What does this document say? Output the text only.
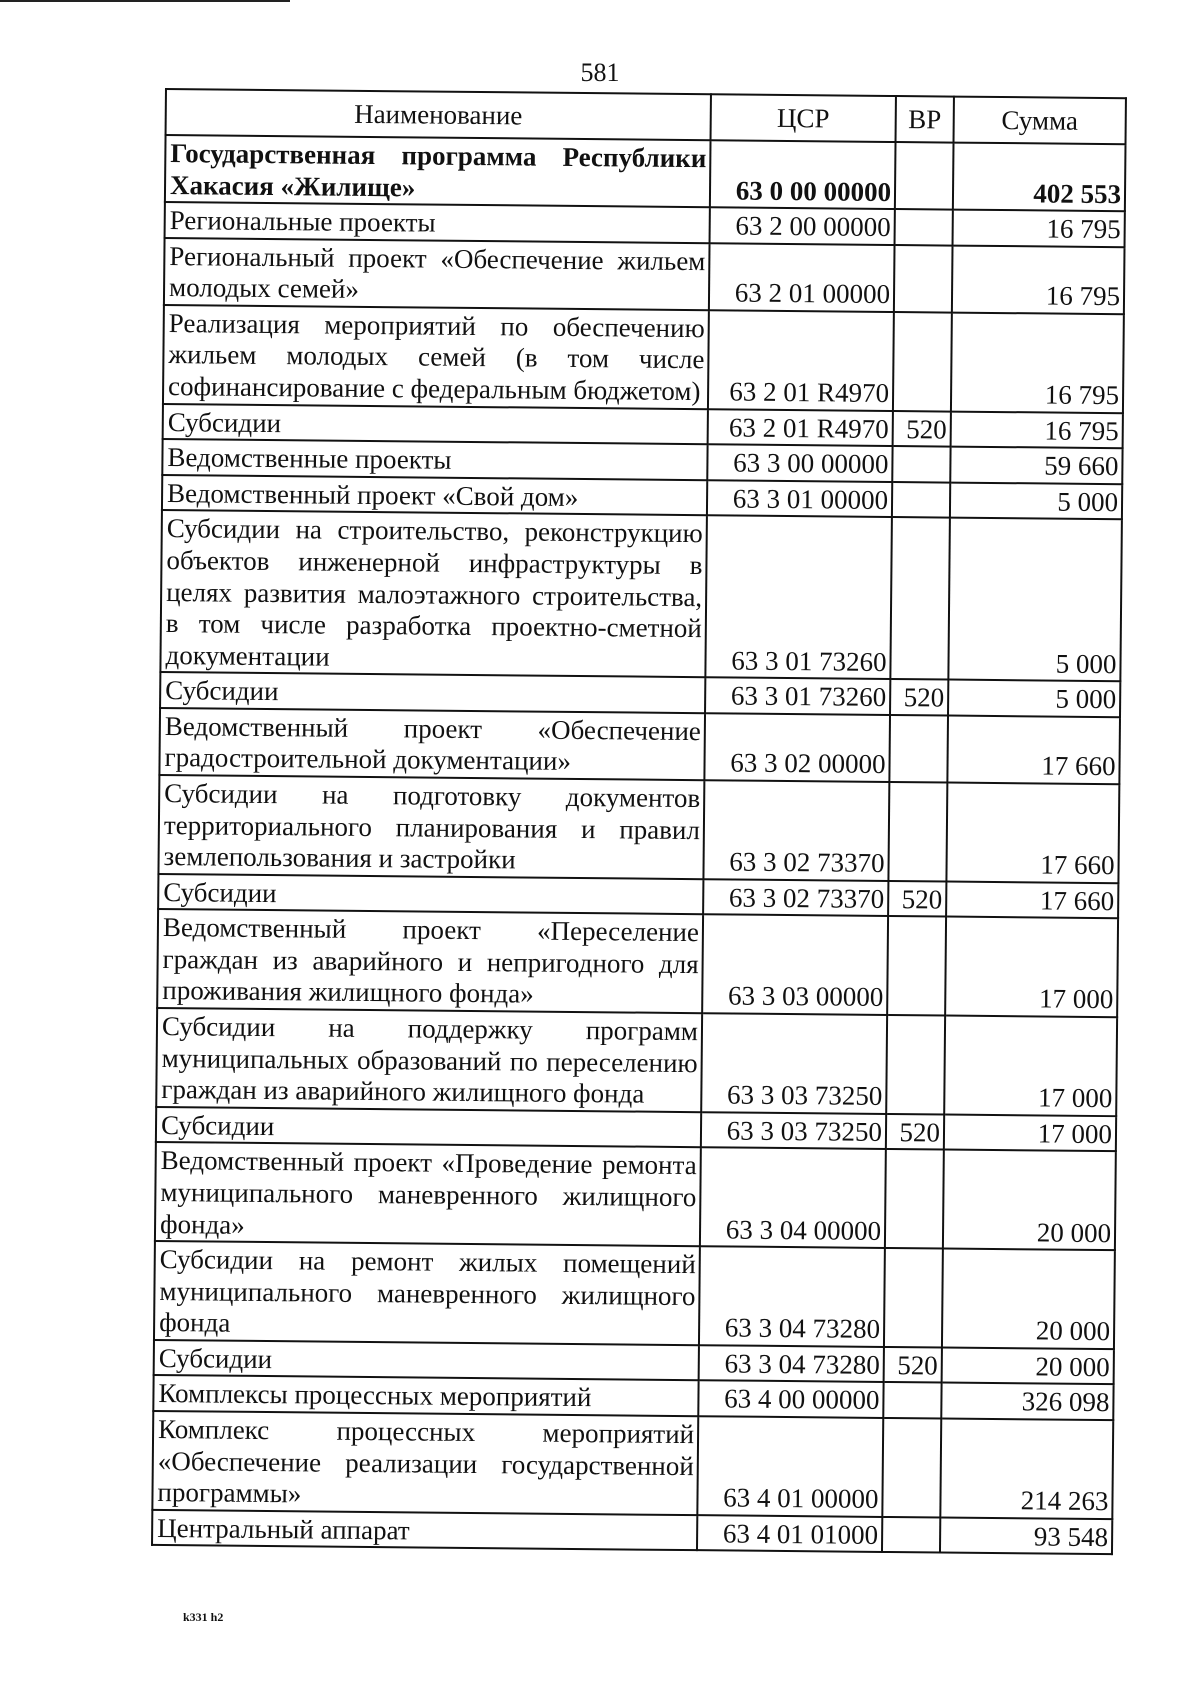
581
Наименование	ЦСР	ВР	Сумма
Государственная программа Республики Хакасия «Жилище»	63 0 00 00000		402 553
Региональные проекты	63 2 00 00000		16 795
Региональный проект «Обеспечение жильем молодых семей»	63 2 01 00000		16 795
Реализация мероприятий по обеспечению жильем молодых семей (в том числе софинансирование с федеральным бюджетом)	63 2 01 R4970		16 795
Субсидии	63 2 01 R4970	520	16 795
Ведомственные проекты	63 3 00 00000		59 660
Ведомственный проект «Свой дом»	63 3 01 00000		5 000
Субсидии на строительство, реконструкцию объектов инженерной инфраструктуры в целях развития малоэтажного строительства, в том числе разработка проектно-сметной документации	63 3 01 73260		5 000
Субсидии	63 3 01 73260	520	5 000
Ведомственный проект «Обеспечение градостроительной документации»	63 3 02 00000		17 660
Субсидии на подготовку документов территориального планирования и правил землепользования и застройки	63 3 02 73370		17 660
Субсидии	63 3 02 73370	520	17 660
Ведомственный проект «Переселение граждан из аварийного и непригодного для проживания жилищного фонда»	63 3 03 00000		17 000
Субсидии на поддержку программ муниципальных образований по переселению граждан из аварийного жилищного фонда	63 3 03 73250		17 000
Субсидии	63 3 03 73250	520	17 000
Ведомственный проект «Проведение ремонта муниципального маневренного жилищного фонда»	63 3 04 00000		20 000
Субсидии на ремонт жилых помещений муниципального маневренного жилищного фонда	63 3 04 73280		20 000
Субсидии	63 3 04 73280	520	20 000
Комплексы процессных мероприятий	63 4 00 00000		326 098
Комплекс процессных мероприятий «Обеспечение реализации государственной программы»	63 4 01 00000		214 263
Центральный аппарат	63 4 01 01000		93 548
k331 h2
